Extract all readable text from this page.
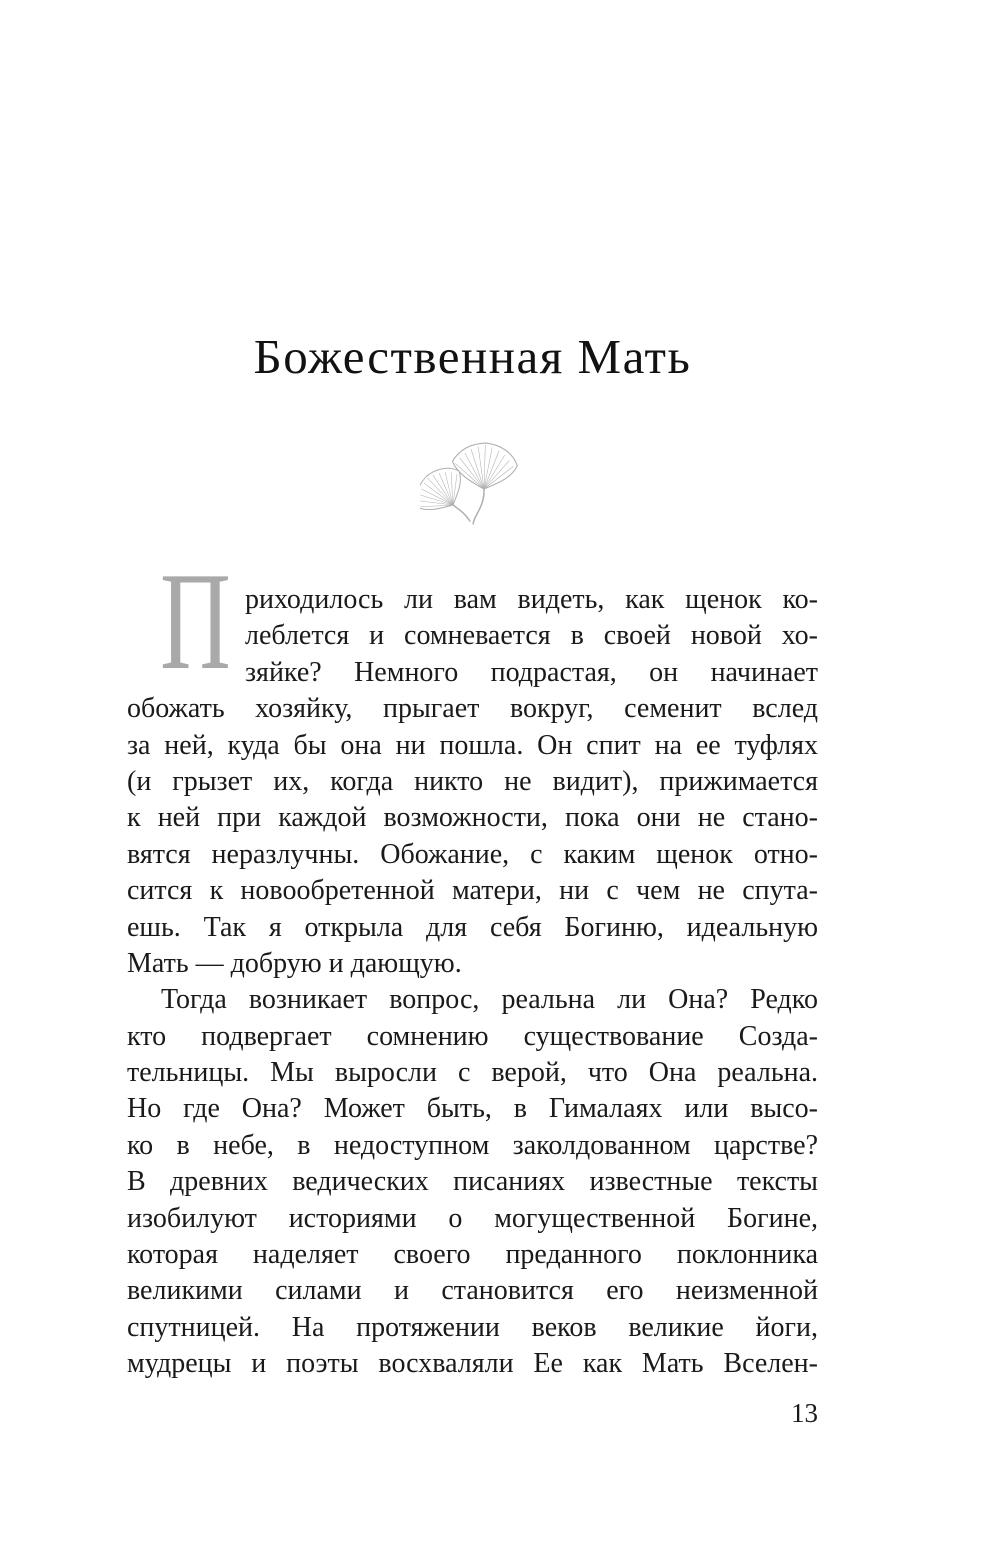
Божественная Мать
П риходилось ли вам видеть, как щенок ко-
леблется и сомневается в своей новой хо-
зяйке? Немного подрастая, он начинает
обожать хозяйку, прыгает вокруг, семенит вслед
за ней, куда бы она ни пошла. Он спит на ее туфлях
(и грызет их, когда никто не видит), прижимается
к ней при каждой возможности, пока они не стано-
вятся неразлучны. Обожание, с каким щенок отно-
сится к новообретенной матери, ни с чем не спута-
ешь. Так я открыла для себя Богиню, идеальную
Мать — добрую и дающую.
Тогда возникает вопрос, реальна ли Она? Редко
кто подвергает сомнению существование Созда-
тельницы. Мы выросли с верой, что Она реальна.
Но где Она? Может быть, в Гималаях или высо-
ко в небе, в недоступном заколдованном царстве?
В древних ведических писаниях известные тексты
изобилуют историями о могущественной Богине,
которая наделяет своего преданного поклонника
великими силами и становится его неизменной
спутницей. На протяжении веков великие йоги,
мудрецы и поэты восхваляли Ее как Мать Вселен-
13
